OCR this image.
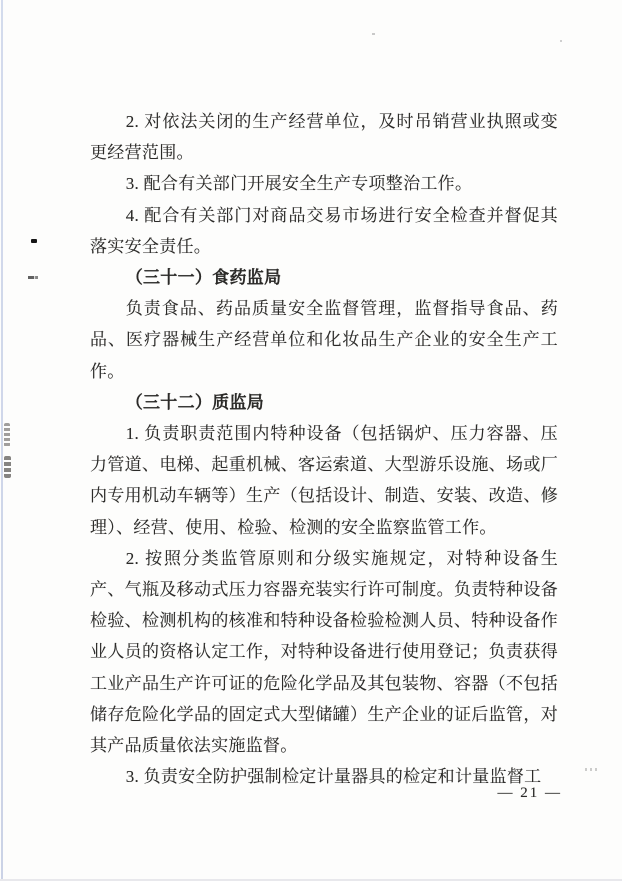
2. 对依法关闭的生产经营单位，及时吊销营业执照或变更经营范围。

3. 配合有关部门开展安全生产专项整治工作。

4. 配合有关部门对商品交易市场进行安全检查并督促其落实安全责任。

（三十一）食药监局

负责食品、药品质量安全监督管理，监督指导食品、药品、医疗器械生产经营单位和化妆品生产企业的安全生产工作。

（三十二）质监局

1. 负责职责范围内特种设备（包括锅炉、压力容器、压力管道、电梯、起重机械、客运索道、大型游乐设施、场或厂内专用机动车辆等）生产（包括设计、制造、安装、改造、修理）、经营、使用、检验、检测的安全监察监管工作。

2. 按照分类监管原则和分级实施规定，对特种设备生产、气瓶及移动式压力容器充装实行许可制度。负责特种设备检验、检测机构的核准和特种设备检验检测人员、特种设备作业人员的资格认定工作，对特种设备进行使用登记；负责获得工业产品生产许可证的危险化学品及其包装物、容器（不包括储存危险化学品的固定式大型储罐）生产企业的证后监管，对其产品质量依法实施监督。

3. 负责安全防护强制检定计量器具的检定和计量监督工

— 21 —
